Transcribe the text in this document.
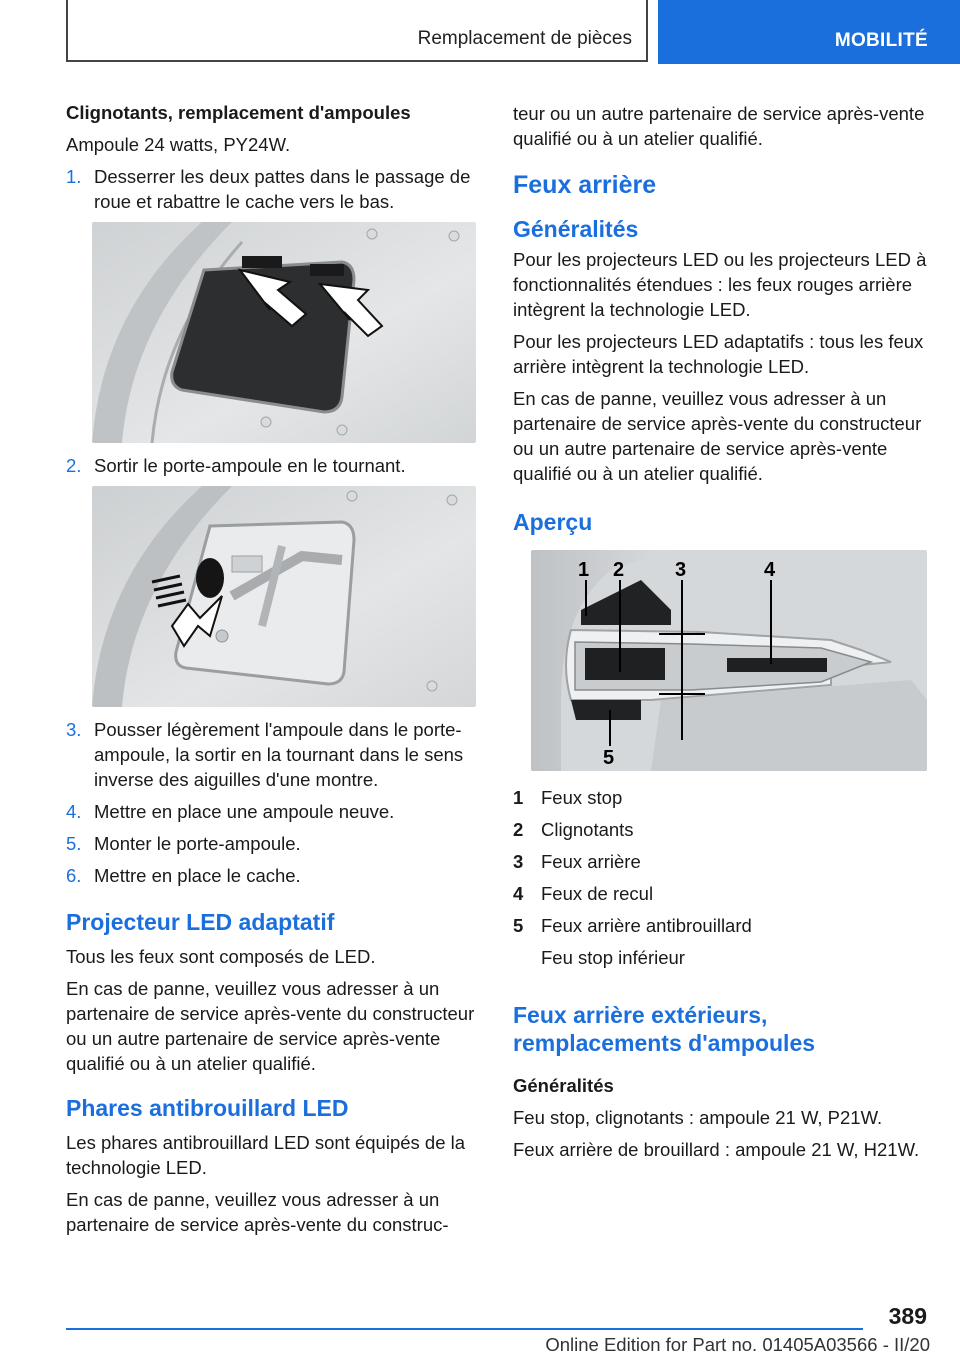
Remplacement de pièces	MOBILITÉ
Clignotants, remplacement d'ampoules

Ampoule 24 watts, PY24W.

1. Desserrer les deux pattes dans le passage de roue et rabattre le cache vers le bas.
2. Sortir le porte-ampoule en le tournant.
3. Pousser légèrement l'ampoule dans le porte-ampoule, la sortir en la tournant dans le sens inverse des aiguilles d'une montre.
4. Mettre en place une ampoule neuve.
5. Monter le porte-ampoule.
6. Mettre en place le cache.
Projecteur LED adaptatif

Tous les feux sont composés de LED.

En cas de panne, veuillez vous adresser à un partenaire de service après-vente du constructeur ou un autre partenaire de service après-vente qualifié ou à un atelier qualifié.

Phares antibrouillard LED

Les phares antibrouillard LED sont équipés de la technologie LED.

En cas de panne, veuillez vous adresser à un partenaire de service après-vente du construc-

teur ou un autre partenaire de service après-vente qualifié ou à un atelier qualifié.

Feux arrière
Généralités

Pour les projecteurs LED ou les projecteurs LED à fonctionnalités étendues : les feux rouges arrière intègrent la technologie LED.

Pour les projecteurs LED adaptatifs : tous les feux arrière intègrent la technologie LED.

En cas de panne, veuillez vous adresser à un partenaire de service après-vente du constructeur ou un autre partenaire de service après-vente qualifié ou à un atelier qualifié.

Aperçu
1 2	3	4
5
1 Feux stop
2 Clignotants
3 Feux arrière
4 Feux de recul
5 Feux arrière antibrouillard
Feu stop inférieur
Feux arrière extérieurs, remplacements d'ampoules
Généralités

Feu stop, clignotants : ampoule 21 W, P21W.

Feux arrière de brouillard : ampoule 21 W, H21W.

389
Online Edition for Part no. 01405A03566 - II/20
